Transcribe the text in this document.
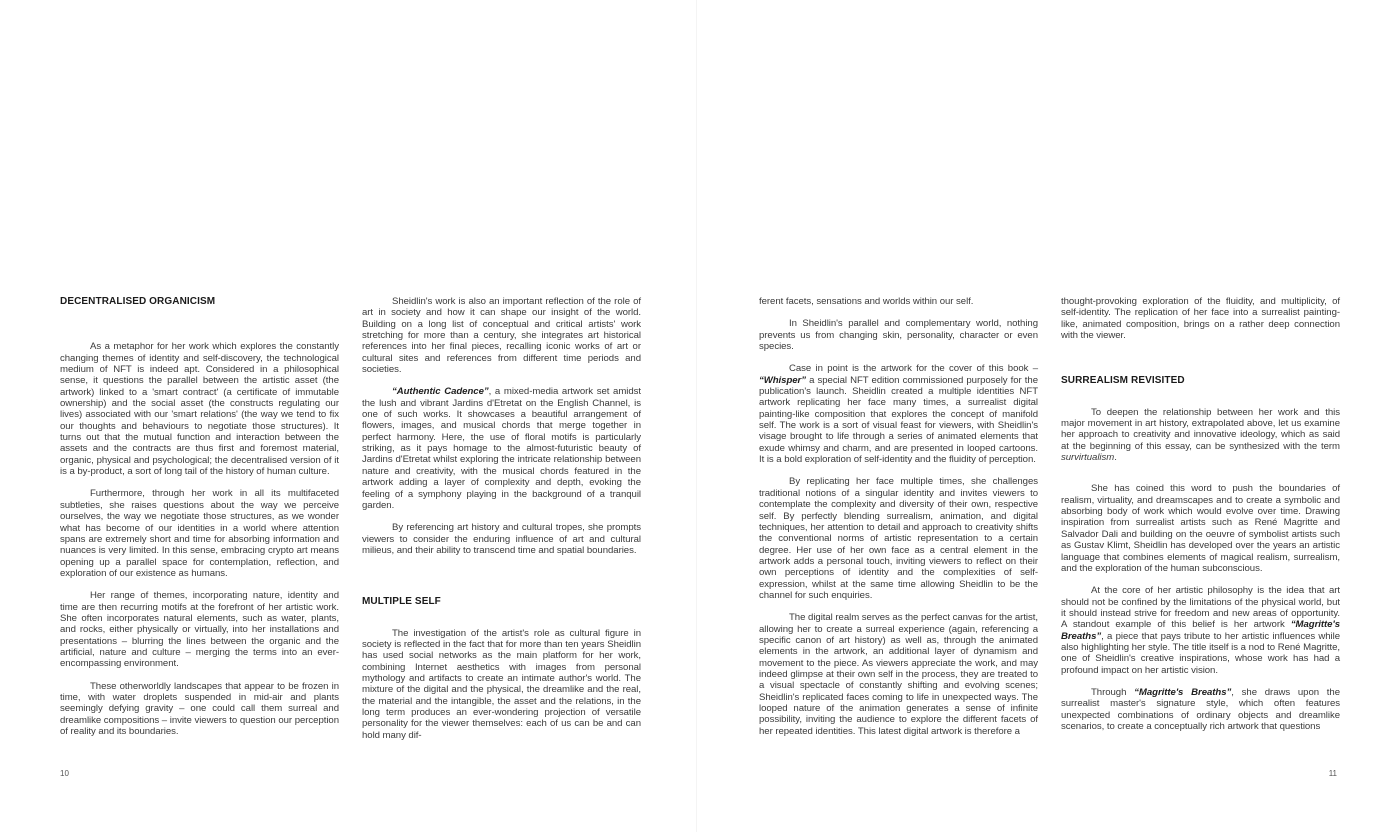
DECENTRALISED ORGANICISM

As a metaphor for her work which explores the constantly changing themes of identity and self-discovery, the technological medium of NFT is indeed apt. Considered in a philosophical sense, it questions the parallel between the artistic asset (the artwork) linked to a 'smart contract' (a certificate of immutable ownership) and the social asset (the constructs regulating our lives) associated with our 'smart relations' (the way we tend to fix our thoughts and behaviours to negotiate those structures). It turns out that the mutual function and interaction between the assets and the contracts are thus first and foremost material, organic, physical and psychological; the decentralised version of it is a by-product, a sort of long tail of the history of human culture.

Furthermore, through her work in all its multifaceted subtleties, she raises questions about the way we perceive ourselves, the way we negotiate those structures, as we wonder what has become of our identities in a world where attention spans are extremely short and time for absorbing information and nuances is very limited. In this sense, embracing crypto art means opening up a parallel space for contemplation, reflection, and exploration of our existence as humans.

Her range of themes, incorporating nature, identity and time are then recurring motifs at the forefront of her artistic work. She often incorporates natural elements, such as water, plants, and rocks, either physically or virtually, into her installations and presentations – blurring the lines between the organic and the artificial, nature and culture – merging the terms into an ever-encompassing environment.

These otherworldly landscapes that appear to be frozen in time, with water droplets suspended in mid-air and plants seemingly defying gravity – one could call them surreal and dreamlike compositions – invite viewers to question our perception of reality and its boundaries.

Sheidlin's work is also an important reflection of the role of art in society and how it can shape our insight of the world. Building on a long list of conceptual and critical artists' work stretching for more than a century, she integrates art historical references into her final pieces, recalling iconic works of art or cultural sites and references from different time periods and societies.

“Authentic Cadence”, a mixed-media artwork set amidst the lush and vibrant Jardins d'Etretat on the English Channel, is one of such works. It showcases a beautiful arrangement of flowers, images, and musical chords that merge together in perfect harmony. Here, the use of floral motifs is particularly striking, as it pays homage to the almost-futuristic beauty of Jardins d'Etretat whilst exploring the intricate relationship between nature and creativity, with the musical chords featured in the artwork adding a layer of complexity and depth, evoking the feeling of a symphony playing in the background of a tranquil garden.

By referencing art history and cultural tropes, she prompts viewers to consider the enduring influence of art and cultural milieus, and their ability to transcend time and spatial boundaries.

MULTIPLE SELF

The investigation of the artist's role as cultural figure in society is reflected in the fact that for more than ten years Sheidlin has used social networks as the main platform for her work, combining Internet aesthetics with images from personal mythology and artifacts to create an intimate author's world. The mixture of the digital and the physical, the dreamlike and the real, the material and the intangible, the asset and the relations, in the long term produces an ever-wondering projection of versatile personality for the viewer themselves: each of us can be and can hold many dif-

10

ferent facets, sensations and worlds within our self.

In Sheidlin's parallel and complementary world, nothing prevents us from changing skin, personality, character or even species.

Case in point is the artwork for the cover of this book – “Whisper” a special NFT edition commissioned purposely for the publication's launch. Sheidlin created a multiple identities NFT artwork replicating her face many times, a surrealist digital painting-like composition that explores the concept of manifold self. The work is a sort of visual feast for viewers, with Sheidlin's visage brought to life through a series of animated elements that exude whimsy and charm, and are presented in looped cartoons. It is a bold exploration of self-identity and the fluidity of perception.

By replicating her face multiple times, she challenges traditional notions of a singular identity and invites viewers to contemplate the complexity and diversity of their own, respective self. By perfectly blending surrealism, animation, and digital techniques, her attention to detail and approach to creativity shifts the conventional norms of artistic representation to a certain degree. Her use of her own face as a central element in the artwork adds a personal touch, inviting viewers to reflect on their own perceptions of identity and the complexities of self-expression, whilst at the same time allowing Sheidlin to be the channel for such enquiries.

The digital realm serves as the perfect canvas for the artist, allowing her to create a surreal experience (again, referencing a specific canon of art history) as well as, through the animated elements in the artwork, an additional layer of dynamism and movement to the piece. As viewers appreciate the work, and may indeed glimpse at their own self in the process, they are treated to a visual spectacle of constantly shifting and evolving scenes; Sheidlin's replicated faces coming to life in unexpected ways. The looped nature of the animation generates a sense of infinite possibility, inviting the audience to explore the different facets of her repeated identities. This latest digital artwork is therefore a

thought-provoking exploration of the fluidity, and multiplicity, of self-identity. The replication of her face into a surrealist painting-like, animated composition, brings on a rather deep connection with the viewer.

SURREALISM REVISITED

To deepen the relationship between her work and this major movement in art history, extrapolated above, let us examine her approach to creativity and innovative ideology, which as said at the beginning of this essay, can be synthesized with the term survirtualism.

She has coined this word to push the boundaries of realism, virtuality, and dreamscapes and to create a symbolic and absorbing body of work which would evolve over time. Drawing inspiration from surrealist artists such as René Magritte and Salvador Dali and building on the oeuvre of symbolist artists such as Gustav Klimt, Sheidlin has developed over the years an artistic language that combines elements of magical realism, surrealism, and the exploration of the human subconscious.

At the core of her artistic philosophy is the idea that art should not be confined by the limitations of the physical world, but it should instead strive for freedom and new areas of opportunity. A standout example of this belief is her artwork “Magritte's Breaths”, a piece that pays tribute to her artistic influences while also highlighting her style. The title itself is a nod to René Magritte, one of Sheidlin's creative inspirations, whose work has had a profound impact on her artistic vision.

Through “Magritte's Breaths”, she draws upon the surrealist master's signature style, which often features unexpected combinations of ordinary objects and dreamlike scenarios, to create a conceptually rich artwork that questions

11
